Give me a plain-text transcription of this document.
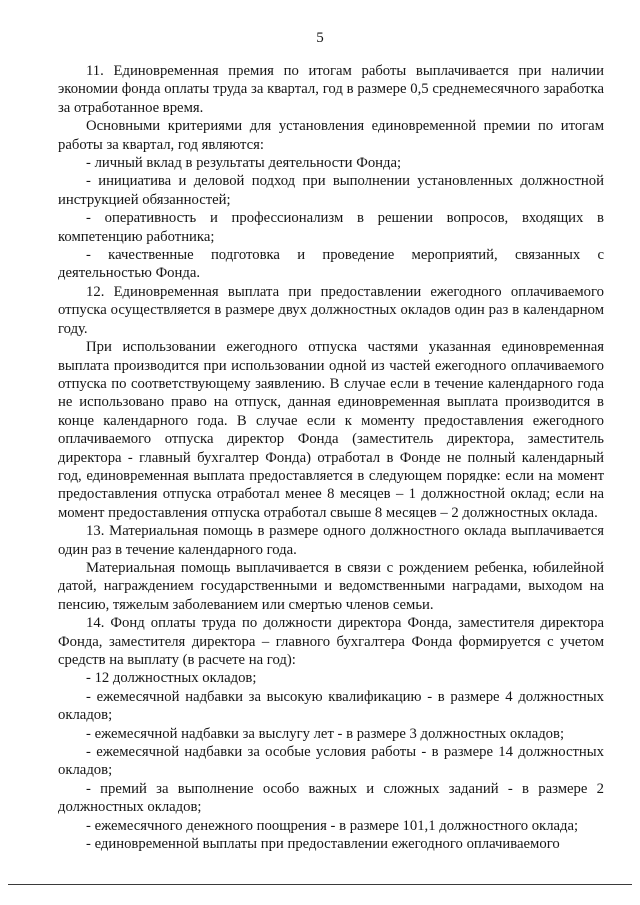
5

11. Единовременная премия по итогам работы выплачивается при наличии экономии фонда оплаты труда за квартал, год в размере 0,5 среднемесячного заработка за отработанное время.

Основными критериями для установления единовременной премии по итогам работы за квартал, год являются:

- личный вклад в результаты деятельности Фонда;

- инициатива и деловой подход при выполнении установленных должностной инструкцией обязанностей;

- оперативность и профессионализм в решении вопросов, входящих в компетенцию работника;

- качественные подготовка и проведение мероприятий, связанных с деятельностью Фонда.

12. Единовременная выплата при предоставлении ежегодного оплачиваемого отпуска осуществляется в размере двух должностных окладов один раз в календарном году.

При использовании ежегодного отпуска частями указанная единовременная выплата производится при использовании одной из частей ежегодного оплачиваемого отпуска по соответствующему заявлению. В случае если в течение календарного года не использовано право на отпуск, данная единовременная выплата производится в конце календарного года. В случае если к моменту предоставления ежегодного оплачиваемого отпуска директор Фонда (заместитель директора, заместитель директора - главный бухгалтер Фонда) отработал в Фонде не полный календарный год, единовременная выплата предоставляется в следующем порядке: если на момент предоставления отпуска отработал менее 8 месяцев – 1 должностной оклад; если на момент предоставления отпуска отработал свыше 8 месяцев – 2 должностных оклада.

13. Материальная помощь в размере одного должностного оклада выплачивается один раз в течение календарного года.

Материальная помощь выплачивается в связи с рождением ребенка, юбилейной датой, награждением государственными и ведомственными наградами, выходом на пенсию, тяжелым заболеванием или смертью членов семьи.

14. Фонд оплаты труда по должности директора Фонда, заместителя директора Фонда, заместителя директора – главного бухгалтера Фонда формируется с учетом средств на выплату (в расчете на год):

- 12 должностных окладов;

- ежемесячной надбавки за высокую квалификацию - в размере 4 должностных окладов;

- ежемесячной надбавки за выслугу лет - в размере 3 должностных окладов;

- ежемесячной надбавки за особые условия работы - в размере 14 должностных окладов;

- премий за выполнение особо важных и сложных заданий - в размере 2 должностных окладов;

- ежемесячного денежного поощрения - в размере 101,1 должностного оклада;

- единовременной выплаты при предоставлении ежегодного оплачиваемого
